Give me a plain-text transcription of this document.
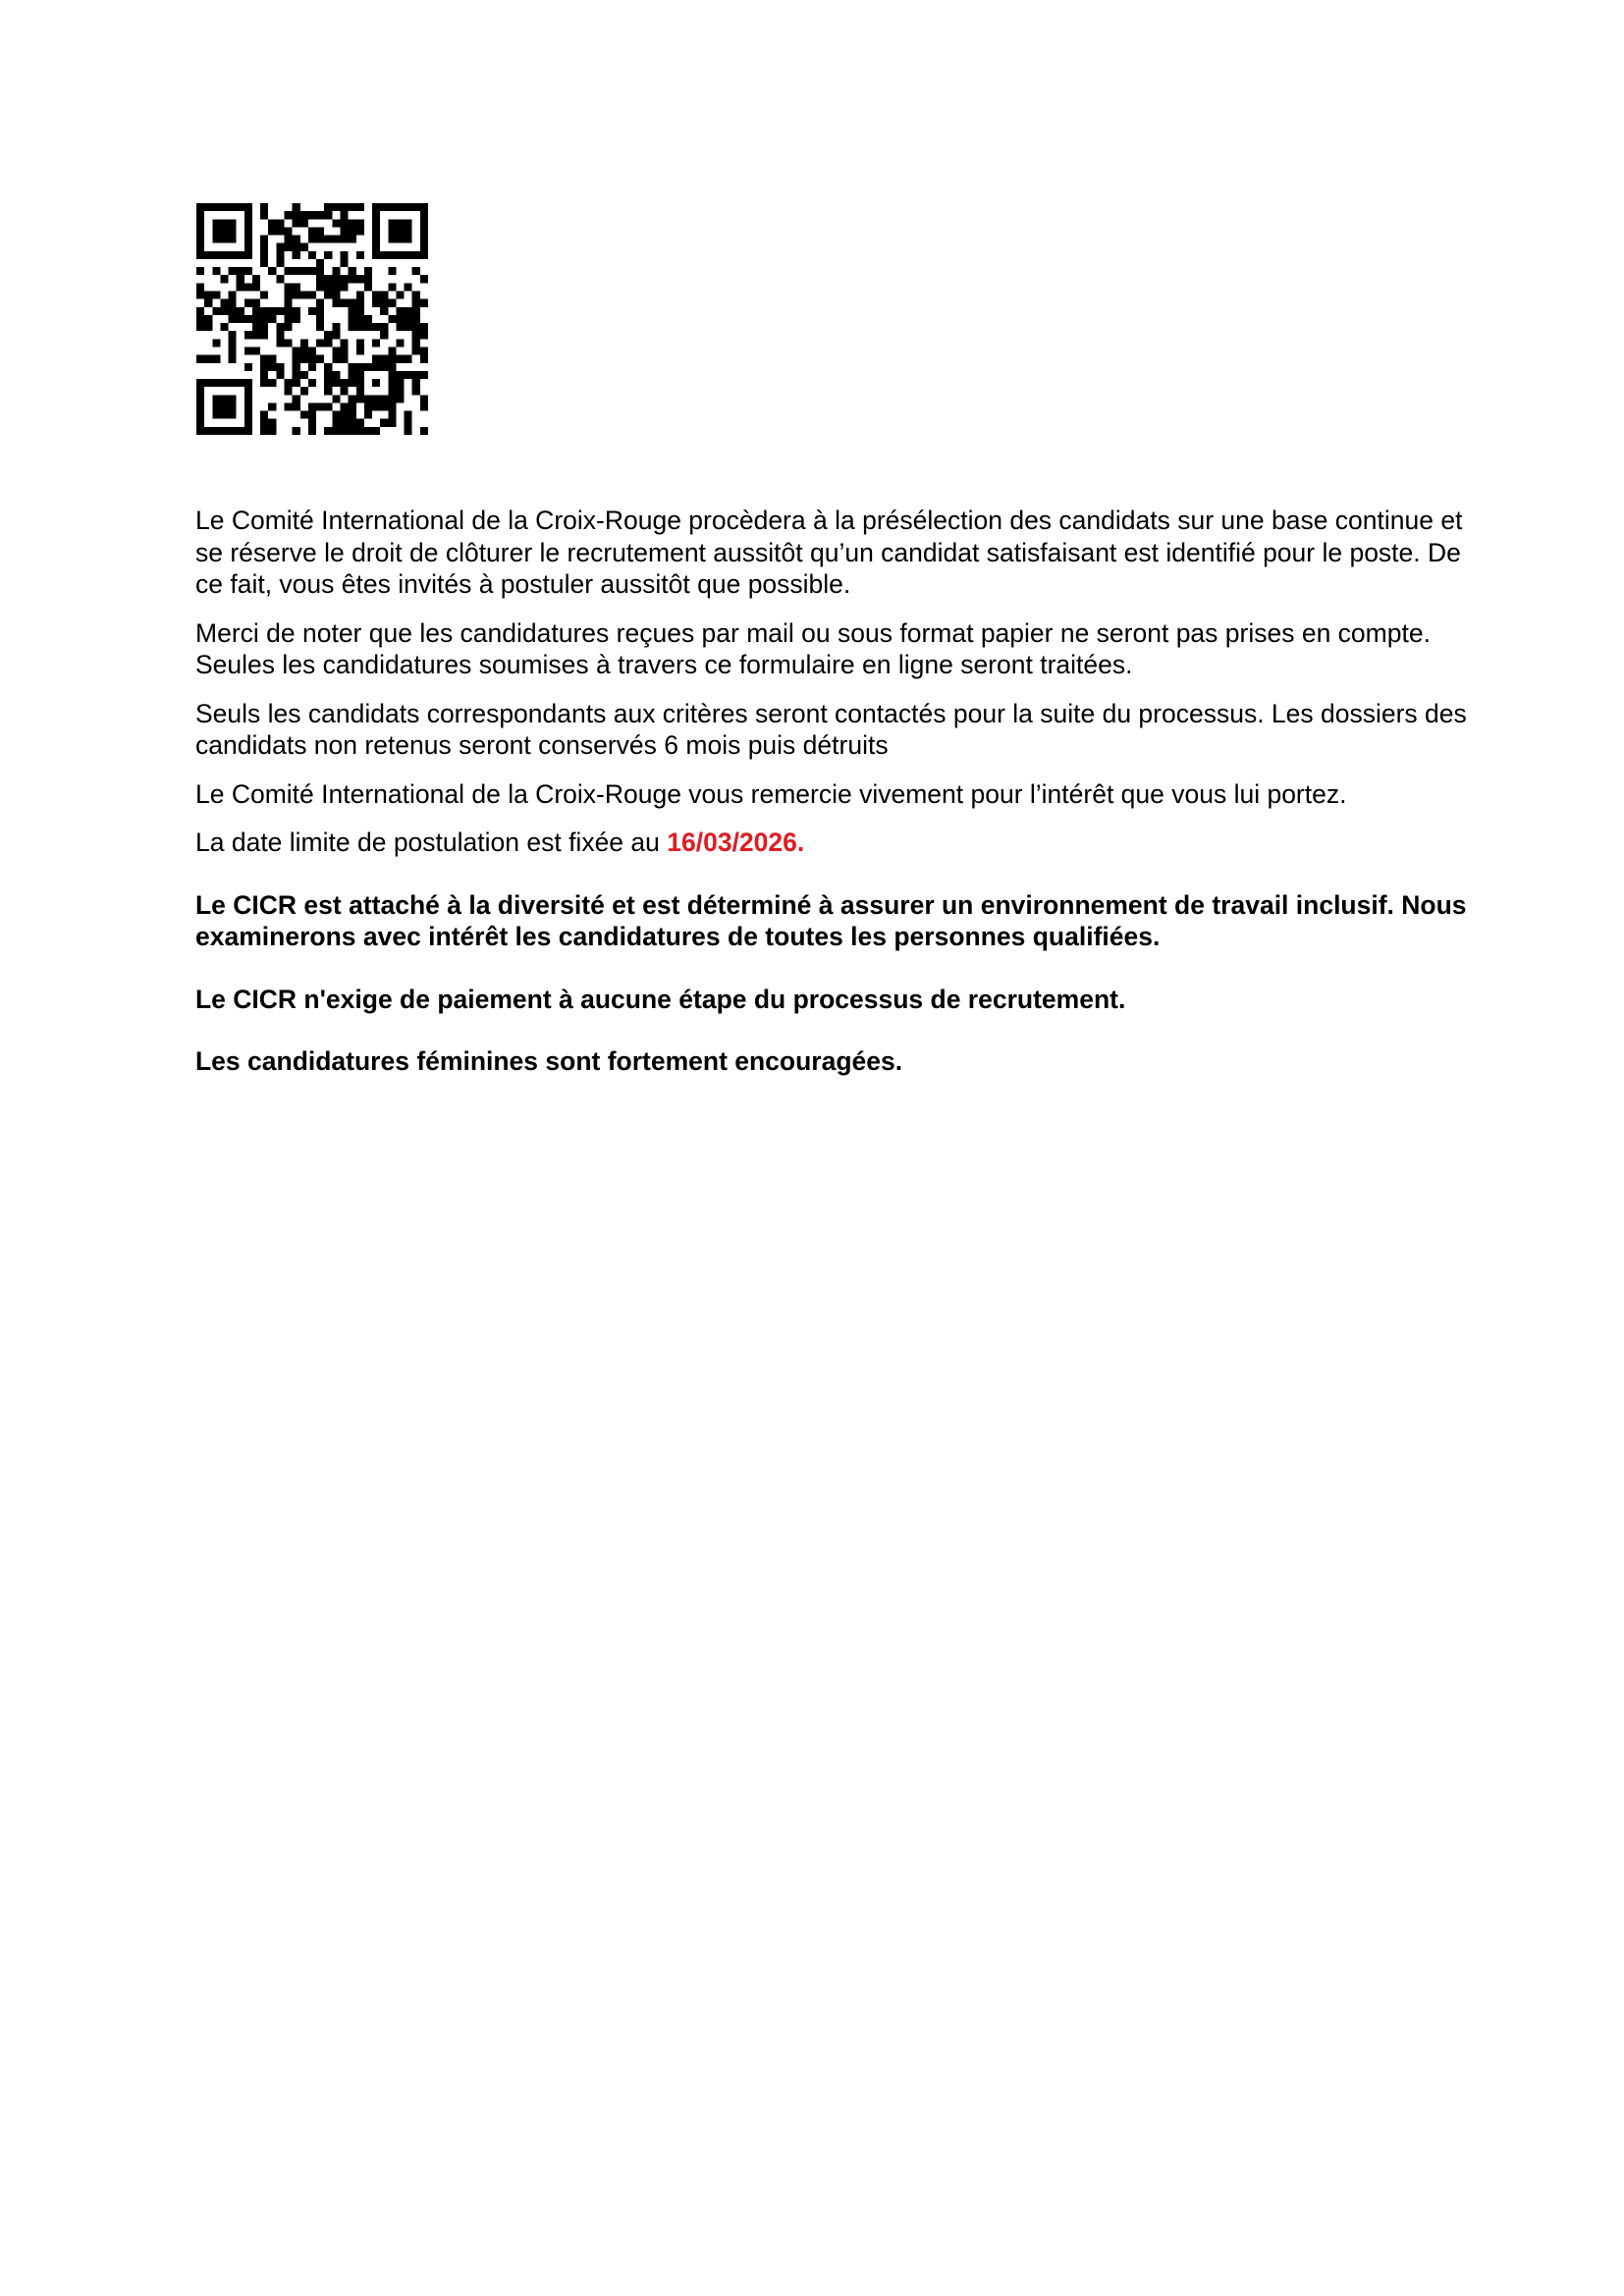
Le Comité International de la Croix-Rouge procèdera à la présélection des candidats sur une base continue et se réserve le droit de clôturer le recrutement aussitôt qu’un candidat satisfaisant est identifié pour le poste. De ce fait, vous êtes invités à postuler aussitôt que possible.

Merci de noter que les candidatures reçues par mail ou sous format papier ne seront pas prises en compte. Seules les candidatures soumises à travers ce formulaire en ligne seront traitées.

Seuls les candidats correspondants aux critères seront contactés pour la suite du processus. Les dossiers des candidats non retenus seront conservés 6 mois puis détruits

Le Comité International de la Croix-Rouge vous remercie vivement pour l’intérêt que vous lui portez.

La date limite de postulation est fixée au 16/03/2026.

Le CICR est attaché à la diversité et est déterminé à assurer un environnement de travail inclusif. Nous examinerons avec intérêt les candidatures de toutes les personnes qualifiées.

Le CICR n'exige de paiement à aucune étape du processus de recrutement.

Les candidatures féminines sont fortement encouragées.
